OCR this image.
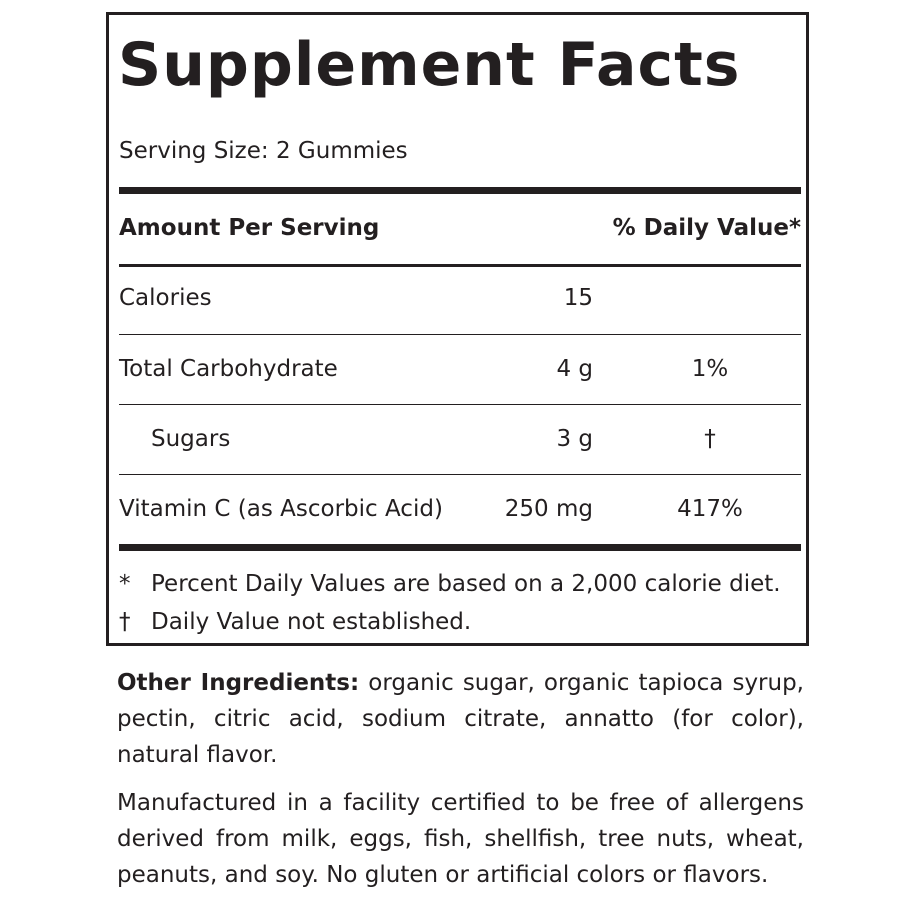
Supplement Facts
Serving Size: 2 Gummies
Amount Per Serving	% Daily Value*
Calories	15
Total Carbohydrate	4 g	1%
Sugars	3 g	†
Vitamin C (as Ascorbic Acid)	250 mg	417%
* Percent Daily Values are based on a 2,000 calorie diet.
† Daily Value not established.
Other Ingredients: organic sugar, organic tapioca syrup, pectin, citric acid, sodium citrate, annatto (for color), natural flavor.
Manufactured in a facility certified to be free of allergens derived from milk, eggs, fish, shellfish, tree nuts, wheat, peanuts, and soy. No gluten or artificial colors or flavors.
